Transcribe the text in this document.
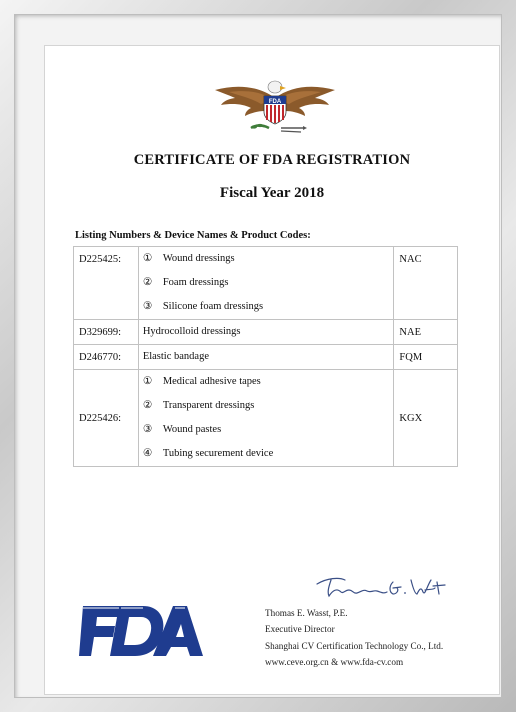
FDA
CERTIFICATE OF FDA REGISTRATION
Fiscal Year 2018
Listing Numbers & Device Names & Product Codes:
D225425:	① Wound dressings
② Foam dressings
③ Silicone foam dressings	NAC
D329699:	Hydrocolloid dressings	NAE
D246770:	Elastic bandage	FQM
D225426:	① Medical adhesive tapes
② Transparent dressings
③ Wound pastes
④ Tubing securement device	KGX
Thomas E. Wasst, P.E.
Executive Director
Shanghai CV Certification Technology Co., Ltd.
www.ceve.org.cn & www.fda-cv.com
